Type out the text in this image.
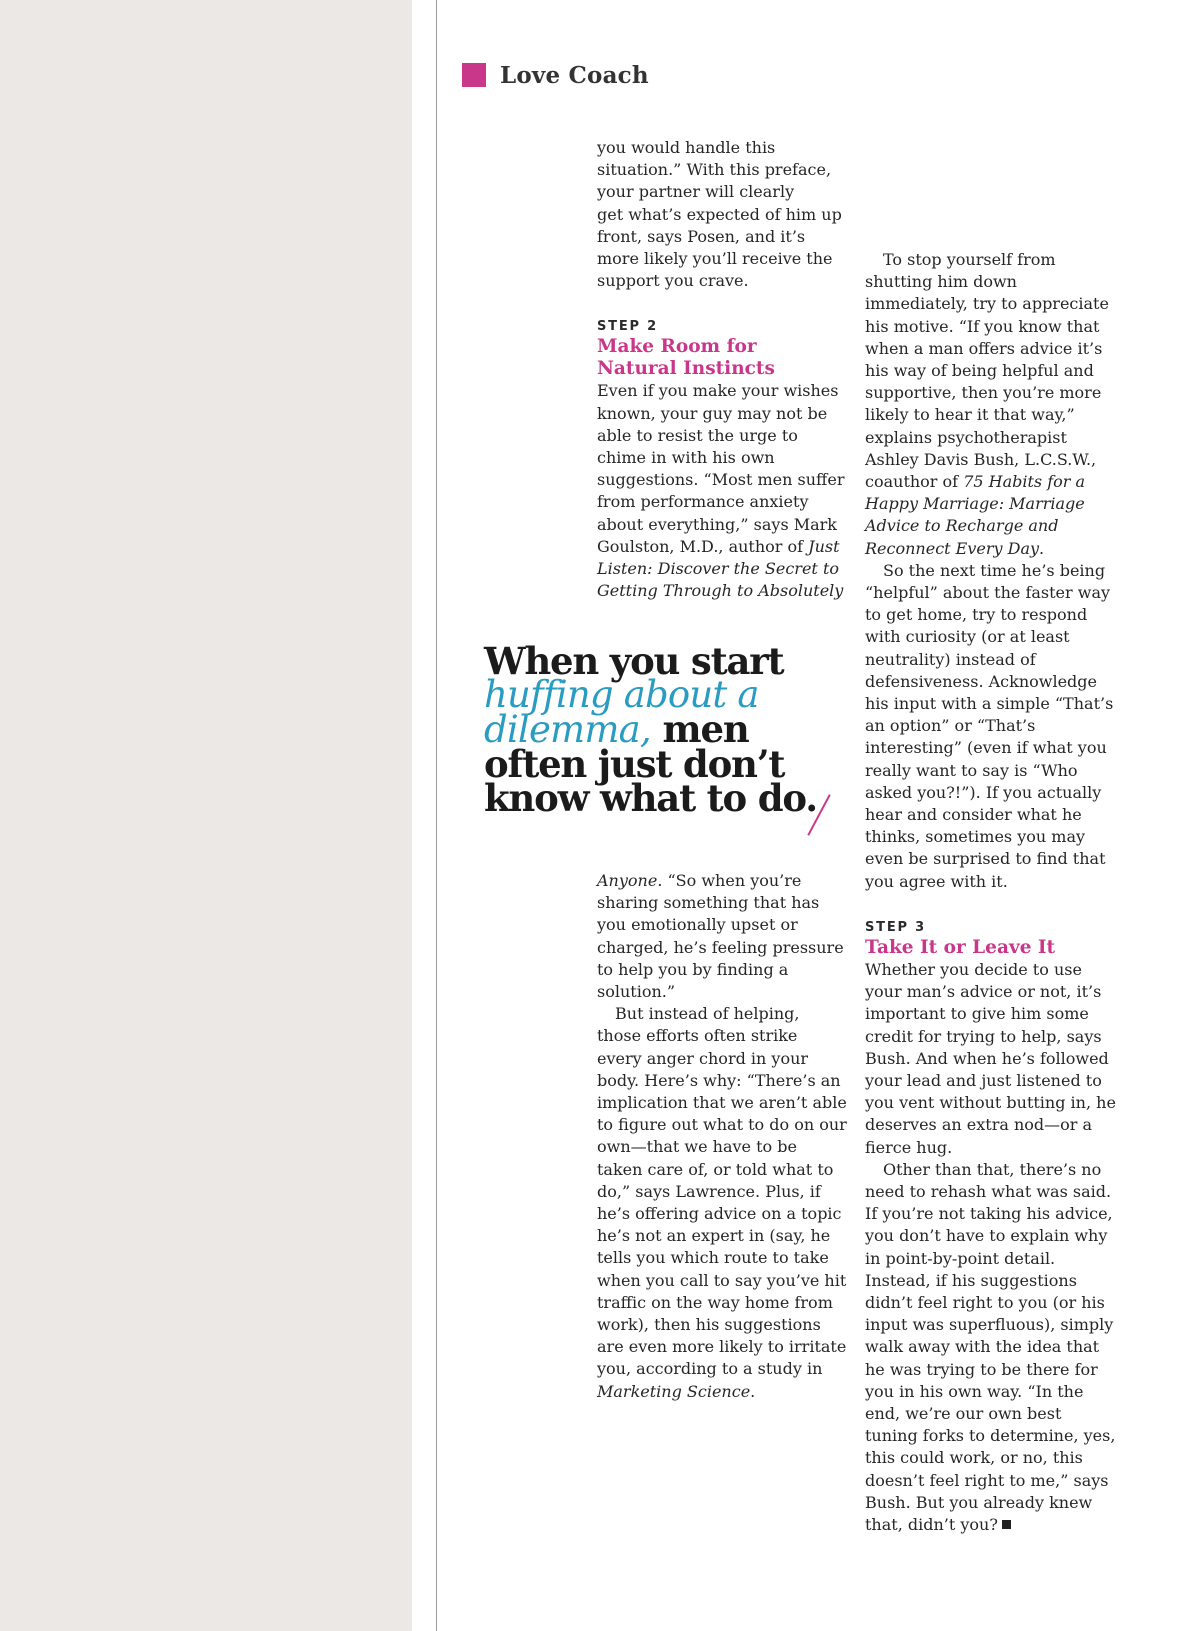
Love Coach

you would handle this

situation.” With this preface,

your partner will clearly

get what’s expected of him up

front, says Posen, and it’s

more likely you’ll receive the

support you crave.

STEP 2

Make Room for

Natural Instincts

Even if you make your wishes known, your guy may not be able to resist the urge to chime in with his own suggestions. “Most men suffer from performance anxiety about everything,” says Mark Goulston, M.D., author of Just Listen: Discover the Secret to Getting Through to Absolutely

When you start
huffing about a
dilemma, men
often just don’t
know what to do.

Anyone. “So when you’re sharing something that has you emotionally upset or charged, he’s feeling pressure to help you by finding a solution.”

But instead of helping, those efforts often strike every anger chord in your body. Here’s why: “There’s an implication that we aren’t able to figure out what to do on our own—that we have to be taken care of, or told what to do,” says Lawrence. Plus, if he’s offering advice on a topic he’s not an expert in (say, he tells you which route to take when you call to say you’ve hit traffic on the way home from work), then his suggestions are even more likely to irritate you, according to a study in Marketing Science.

To stop yourself from shutting him down immediately, try to appreciate his motive. “If you know that when a man offers advice it’s his way of being helpful and supportive, then you’re more likely to hear it that way,” explains psychotherapist Ashley Davis Bush, L.C.S.W., coauthor of 75 Habits for a Happy Marriage: Marriage Advice to Recharge and Reconnect Every Day.

So the next time he’s being “helpful” about the faster way to get home, try to respond with curiosity (or at least neutrality) instead of defensiveness. Acknowledge his input with a simple “That’s an option” or “That’s interesting” (even if what you really want to say is “Who asked you?!”). If you actually hear and consider what he thinks, sometimes you may even be surprised to find that you agree with it.

STEP 3

Take It or Leave It

Whether you decide to use your man’s advice or not, it’s important to give him some credit for trying to help, says Bush. And when he’s followed your lead and just listened to you vent without butting in, he deserves an extra nod—or a fierce hug.

Other than that, there’s no need to rehash what was said. If you’re not taking his advice, you don’t have to explain why in point-by-point detail. Instead, if his suggestions didn’t feel right to you (or his input was superfluous), simply walk away with the idea that he was trying to be there for you in his own way. “In the end, we’re our own best tuning forks to determine, yes, this could work, or no, this doesn’t feel right to me,” says Bush. But you already knew that, didn’t you?
